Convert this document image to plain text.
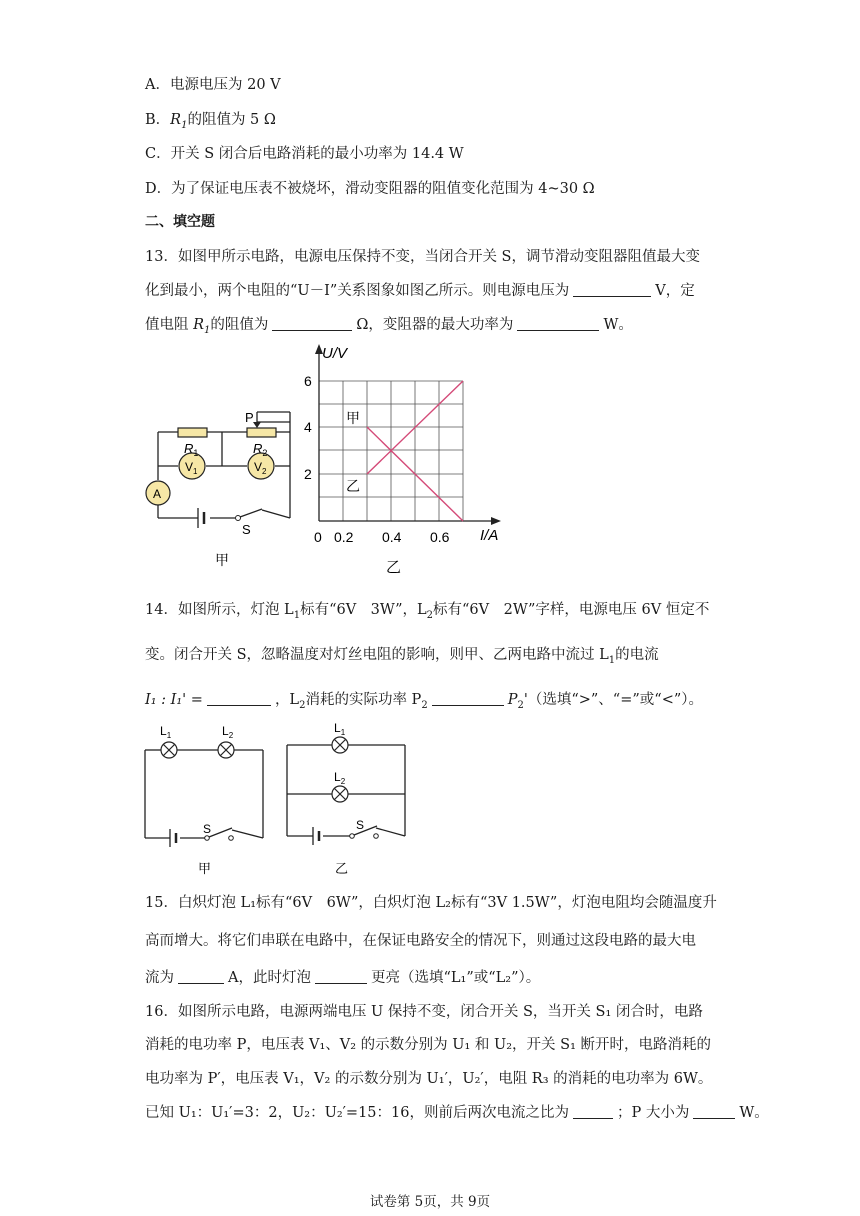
A．电源电压为 20 V
B．$R_1$的阻值为 5 Ω
C．开关 S 闭合后电路消耗的最小功率为 14.4 W
D．为了保证电压表不被烧坏，滑动变阻器的阻值变化范围为 4~30 Ω
二、填空题
13．如图甲所示电路，电源电压保持不变，当闭合开关 S，调节滑动变阻器阻值最大变
化到最小，两个电阻的“U－I”关系图象如图乙所示。则电源电压为	V，定
值电阻 $R_1$的阻值为	Ω，变阻器的最大功率为	W。
$R_1$	$R_2$
P
$V_1$	$V_2$
A
S
甲
U/V
I/A
2
4
6
0 0.2 0.4 0.6
甲
乙
乙
14．如图所示，灯泡 $L_1$标有“6V　3W”，$L_2$标有“6V　2W”字样，电源电压 6V 恒定不
变。闭合开关 S，忽略温度对灯丝电阻的影响，则甲、乙两电路中流过 $L_1$的电流
I₁ : I₁' =	，$L_2$消耗的实际功率 $P_2$	$P_2'$（选填“>”、“=”或“<”）。
$L_1$	$L_2$
S
甲
$L_1$
$L_2$
S
乙
15．白炽灯泡 L₁标有“6V　6W”，白炽灯泡 L₂标有“3V 1.5W”，灯泡电阻均会随温度升
高而增大。将它们串联在电路中，在保证电路安全的情况下，则通过这段电路的最大电
流为	A，此时灯泡	更亮（选填“L₁”或“L₂”）。
16．如图所示电路，电源两端电压 U 保持不变，闭合开关 S，当开关 S₁ 闭合时，电路
消耗的电功率 P，电压表 V₁、V₂ 的示数分别为 U₁ 和 U₂，开关 S₁ 断开时，电路消耗的
电功率为 P′，电压表 V₁，V₂ 的示数分别为 U₁′，U₂′，电阻 R₃ 的消耗的电功率为 6W。
已知 U₁：U₁′=3：2，U₂：U₂′=15：16，则前后两次电流之比为	；P 大小为	W。
试卷第 5页，共 9页
